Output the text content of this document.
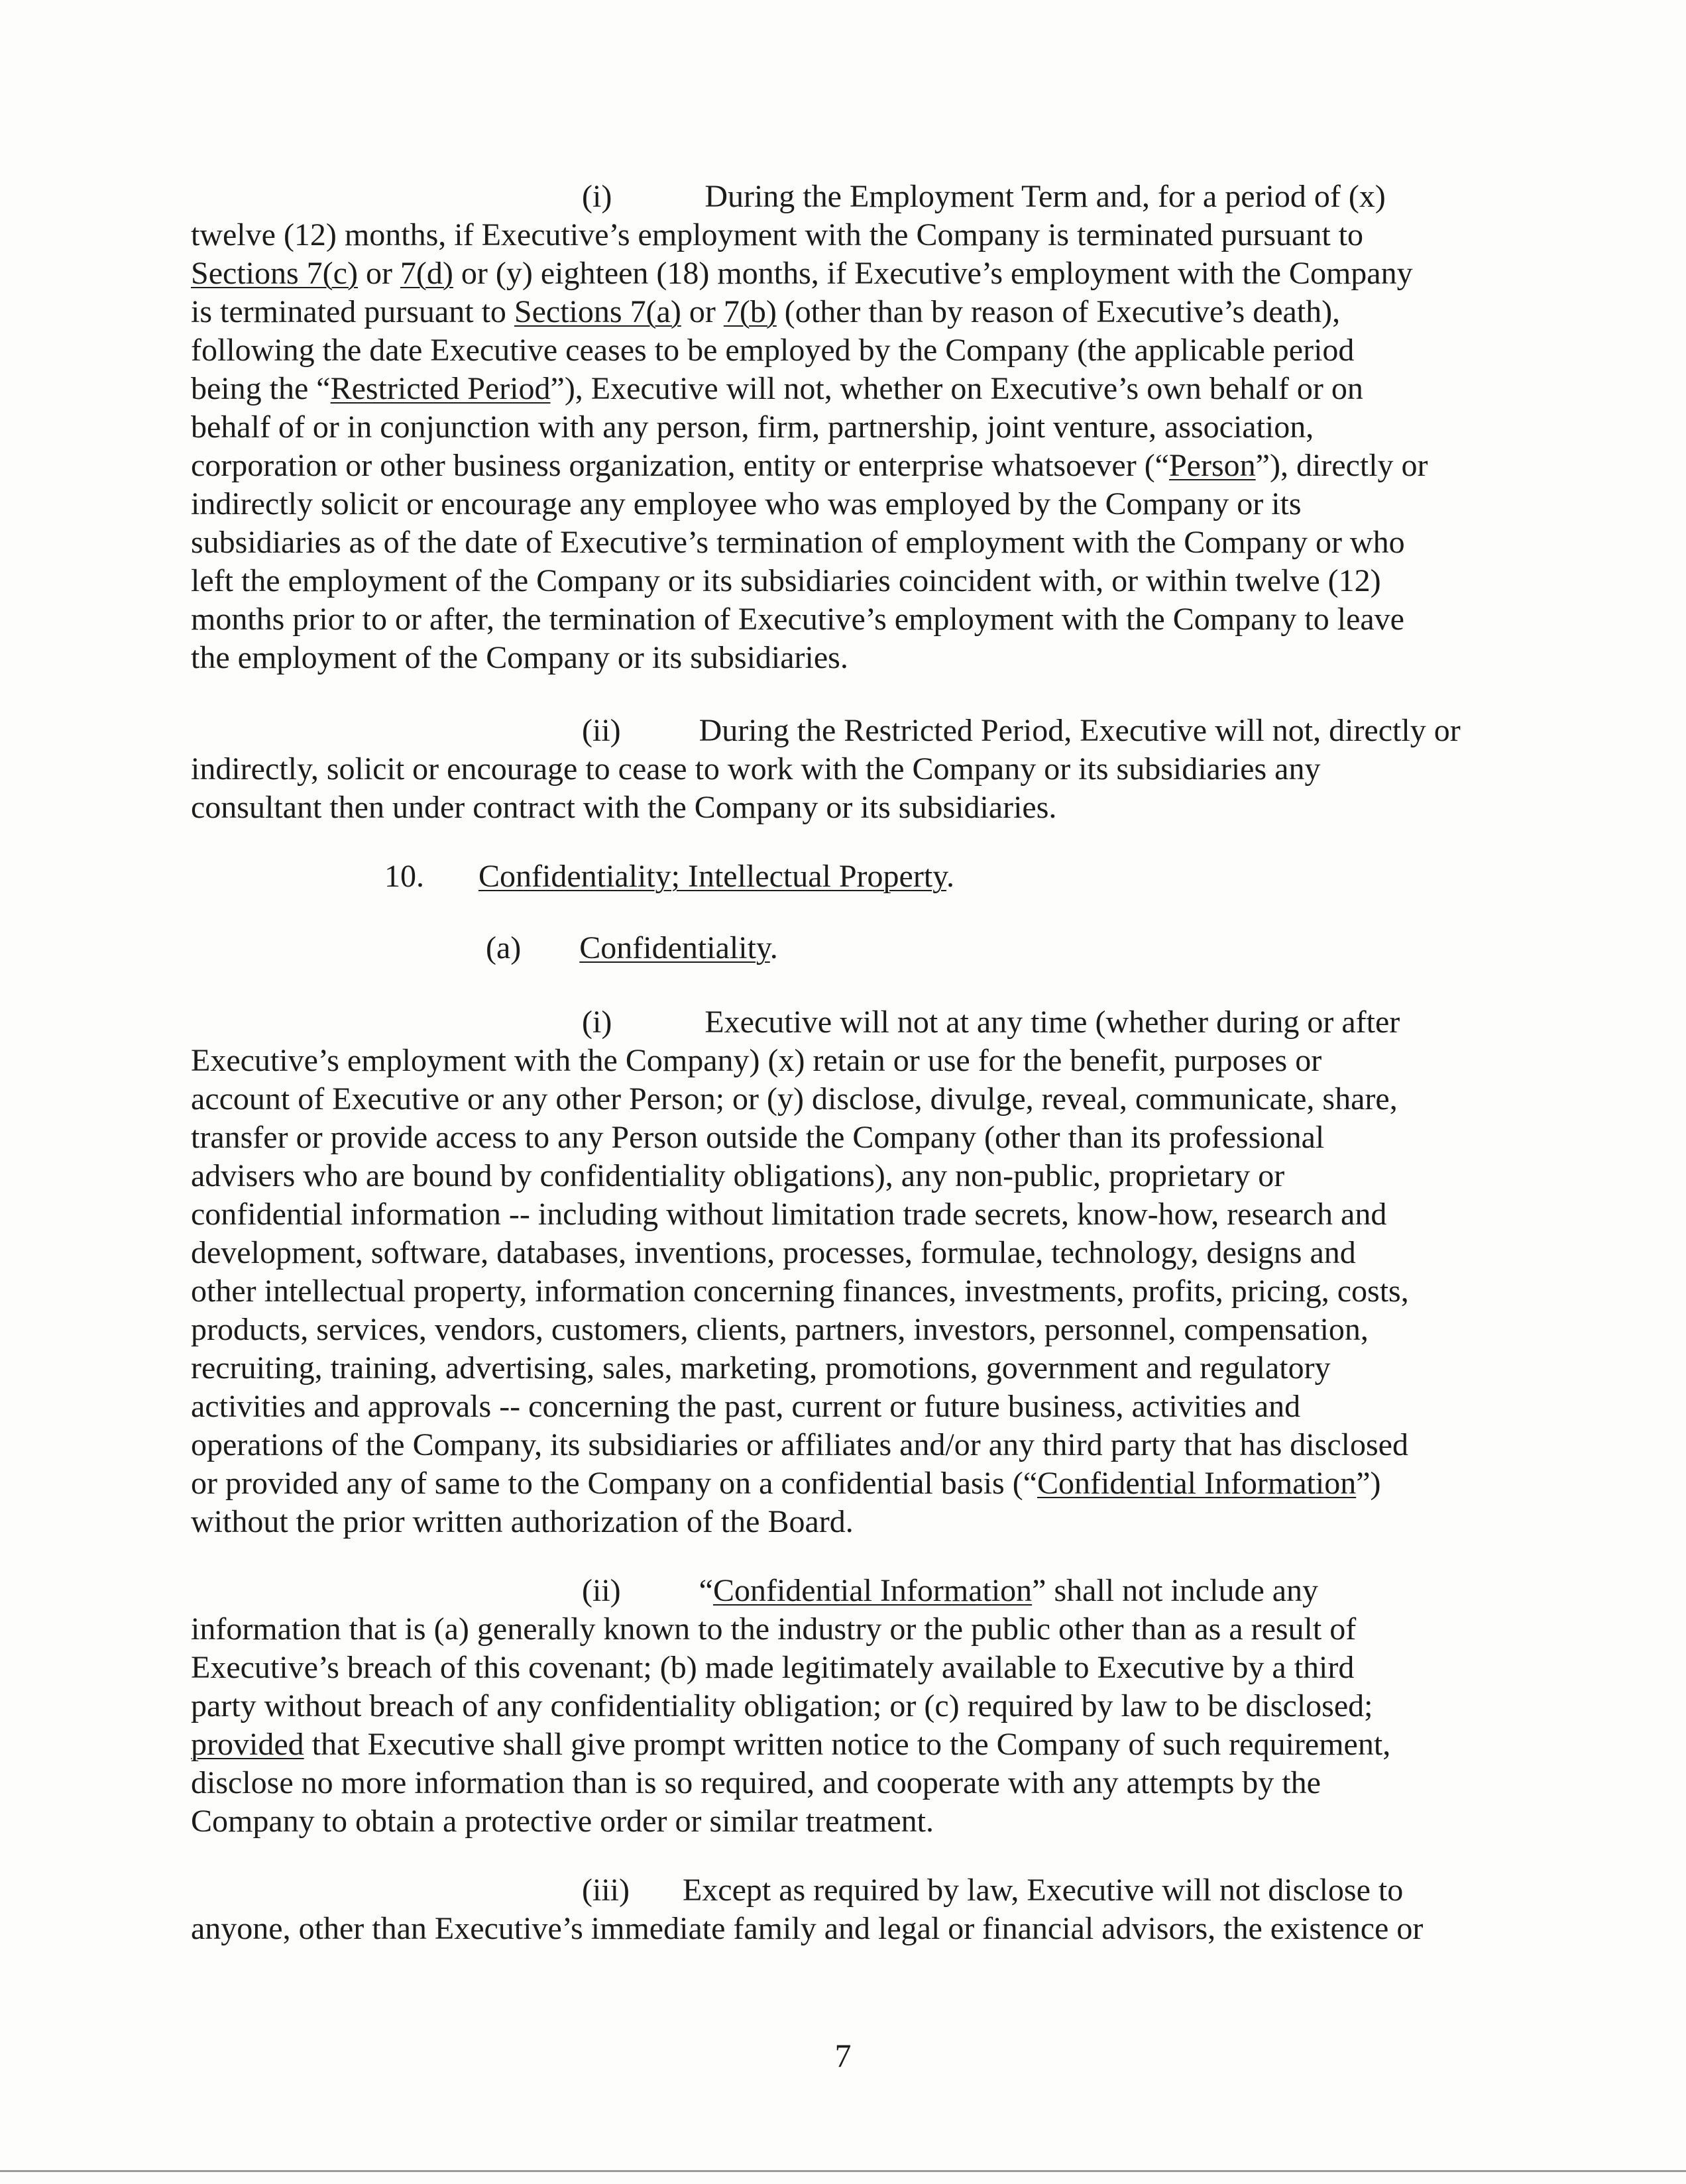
(i)	During the Employment Term and, for a period of (x)
twelve (12) months, if Executive’s employment with the Company is terminated pursuant to
Sections 7(c) or 7(d) or (y) eighteen (18) months, if Executive’s employment with the Company
is terminated pursuant to Sections 7(a) or 7(b) (other than by reason of Executive’s death),
following the date Executive ceases to be employed by the Company (the applicable period
being the “Restricted Period”), Executive will not, whether on Executive’s own behalf or on
behalf of or in conjunction with any person, firm, partnership, joint venture, association,
corporation or other business organization, entity or enterprise whatsoever (“Person”), directly or
indirectly solicit or encourage any employee who was employed by the Company or its
subsidiaries as of the date of Executive’s termination of employment with the Company or who
left the employment of the Company or its subsidiaries coincident with, or within twelve (12)
months prior to or after, the termination of Executive’s employment with the Company to leave
the employment of the Company or its subsidiaries.
(ii) During the Restricted Period, Executive will not, directly or
indirectly, solicit or encourage to cease to work with the Company or its subsidiaries any
consultant then under contract with the Company or its subsidiaries.
10. Confidentiality; Intellectual Property.
(a) Confidentiality.
(i)	Executive will not at any time (whether during or after
Executive’s employment with the Company) (x) retain or use for the benefit, purposes or
account of Executive or any other Person; or (y) disclose, divulge, reveal, communicate, share,
transfer or provide access to any Person outside the Company (other than its professional
advisers who are bound by confidentiality obligations), any non-public, proprietary or
confidential information -- including without limitation trade secrets, know-how, research and
development, software, databases, inventions, processes, formulae, technology, designs and
other intellectual property, information concerning finances, investments, profits, pricing, costs,
products, services, vendors, customers, clients, partners, investors, personnel, compensation,
recruiting, training, advertising, sales, marketing, promotions, government and regulatory
activities and approvals -- concerning the past, current or future business, activities and
operations of the Company, its subsidiaries or affiliates and/or any third party that has disclosed
or provided any of same to the Company on a confidential basis (“Confidential Information”)
without the prior written authorization of the Board.
(ii) “Confidential Information” shall not include any
information that is (a) generally known to the industry or the public other than as a result of
Executive’s breach of this covenant; (b) made legitimately available to Executive by a third
party without breach of any confidentiality obligation; or (c) required by law to be disclosed;
provided that Executive shall give prompt written notice to the Company of such requirement,
disclose no more information than is so required, and cooperate with any attempts by the
Company to obtain a protective order or similar treatment.
(iii) Except as required by law, Executive will not disclose to
anyone, other than Executive’s immediate family and legal or financial advisors, the existence or
7
